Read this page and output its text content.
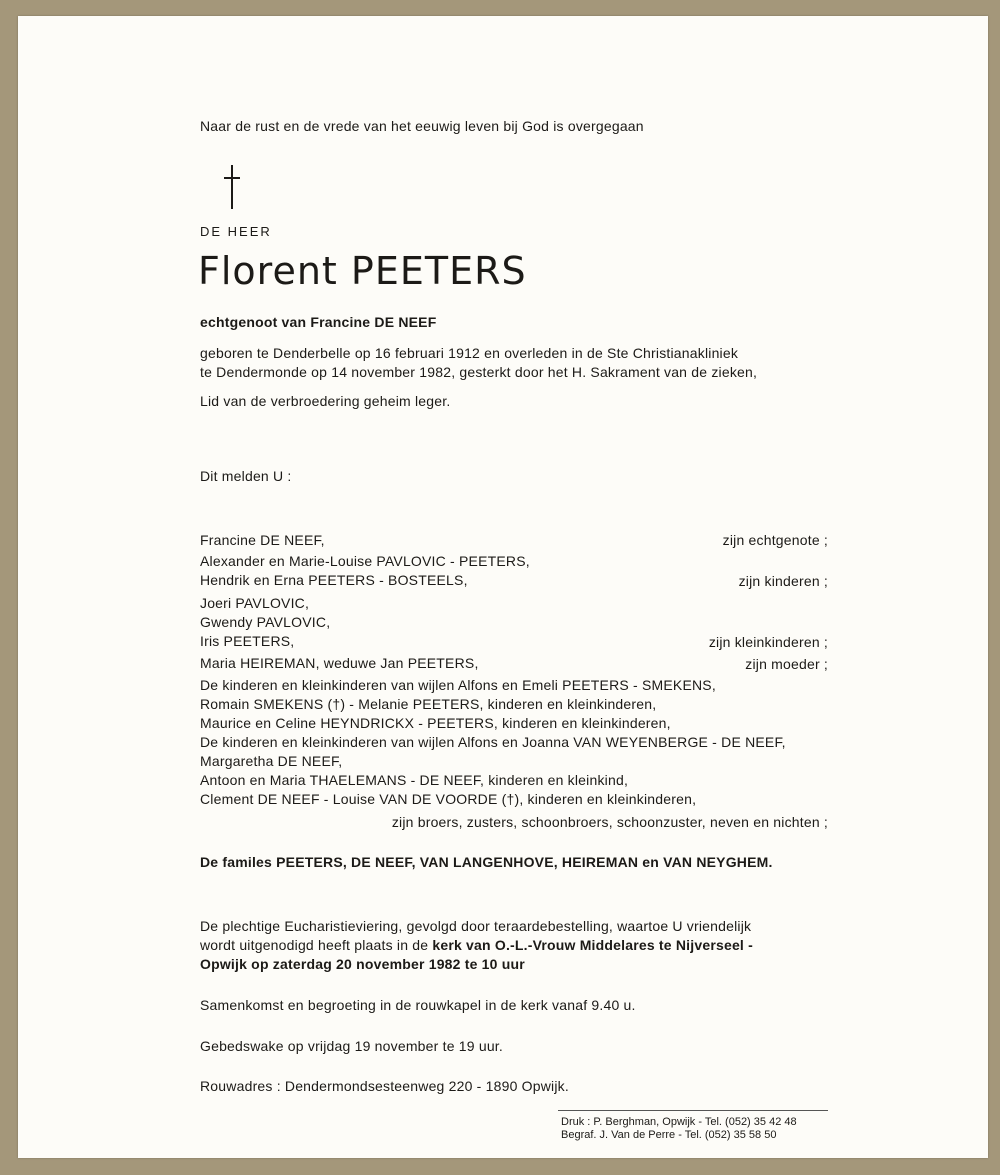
Naar de rust en de vrede van het eeuwig leven bij God is overgegaan
DE HEER
Florent PEETERS
echtgenoot van Francine DE NEEF
geboren te Denderbelle op 16 februari 1912 en overleden in de Ste Christianakliniek
te Dendermonde op 14 november 1982, gesterkt door het H. Sakrament van de zieken,
Lid van de verbroedering geheim leger.
Dit melden U :
Francine DE NEEF,	zijn echtgenote ;
Alexander en Marie-Louise PAVLOVIC - PEETERS,
Hendrik en Erna PEETERS - BOSTEELS,	zijn kinderen ;
Joeri PAVLOVIC,
Gwendy PAVLOVIC,
Iris PEETERS,	zijn kleinkinderen ;
Maria HEIREMAN, weduwe Jan PEETERS,	zijn moeder ;
De kinderen en kleinkinderen van wijlen Alfons en Emeli PEETERS - SMEKENS,
Romain SMEKENS (†) - Melanie PEETERS, kinderen en kleinkinderen,
Maurice en Celine HEYNDRICKX - PEETERS, kinderen en kleinkinderen,
De kinderen en kleinkinderen van wijlen Alfons en Joanna VAN WEYENBERGE - DE NEEF,
Margaretha DE NEEF,
Antoon en Maria THAELEMANS - DE NEEF, kinderen en kleinkind,
Clement DE NEEF - Louise VAN DE VOORDE (†), kinderen en kleinkinderen,
zijn broers, zusters, schoonbroers, schoonzuster, neven en nichten ;
De familes PEETERS, DE NEEF, VAN LANGENHOVE, HEIREMAN en VAN NEYGHEM.
De plechtige Eucharistieviering, gevolgd door teraardebestelling, waartoe U vriendelijk
wordt uitgenodigd heeft plaats in de kerk van O.-L.-Vrouw Middelares te Nijverseel -
Opwijk op zaterdag 20 november 1982 te 10 uur
Samenkomst en begroeting in de rouwkapel in de kerk vanaf 9.40 u.
Gebedswake op vrijdag 19 november te 19 uur.
Rouwadres : Dendermondsesteenweg 220 - 1890 Opwijk.
Druk : P. Berghman, Opwijk - Tel. (052) 35 42 48
Begraf. J. Van de Perre - Tel. (052) 35 58 50
